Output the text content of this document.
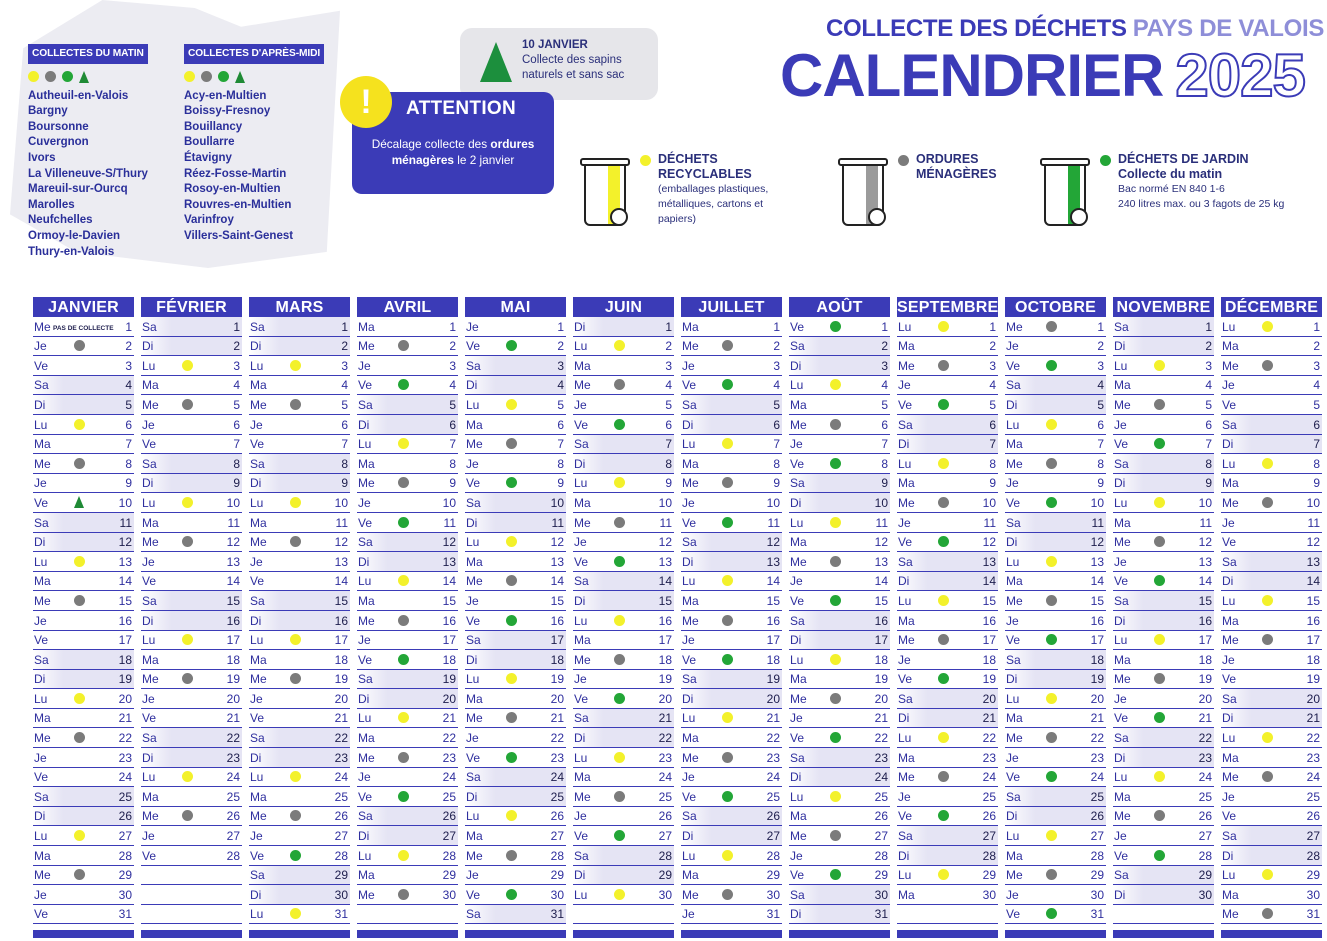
COLLECTES DU MATIN
Autheuil-en-Valois
Bargny
Boursonne
Cuvergnon
Ivors
La Villeneuve-S/Thury
Mareuil-sur-Ourcq
Marolles
Neufchelles
Ormoy-le-Davien
Thury-en-Valois
COLLECTES D'APRÈS-MIDI
Acy-en-Multien
Boissy-Fresnoy
Bouillancy
Boullarre
Étavigny
Réez-Fosse-Martin
Rosoy-en-Multien
Rouvres-en-Multien
Varinfroy
Villers-Saint-Genest
10 JANVIER
Collecte des sapins naturels et sans sac
!	ATTENTION
Décalage collecte des ordures ménagères le 2 janvier
COLLECTE DES DÉCHETS PAYS DE VALOIS
CALENDRIER 2025
DÉCHETS RECYCLABLES
(emballages plastiques, métalliques, cartons et papiers)
ORDURES MÉNAGÈRES
DÉCHETS DE JARDIN
Collecte du matin
Bac normé EN 840 1-6
240 litres max. ou 3 fagots de 25 kg
JANVIER
Me	1
PAS DE COLLECTE
Je	2
Ve	3
Sa	4
Di	5
Lu	6
Ma	7
Me	8
Je	9
Ve	10
Sa	11
Di	12
Lu	13
Ma	14
Me	15
Je	16
Ve	17
Sa	18
Di	19
Lu	20
Ma	21
Me	22
Je	23
Ve	24
Sa	25
Di	26
Lu	27
Ma	28
Me	29
Je	30
Ve	31
FÉVRIER
Sa	1
Di	2
Lu	3
Ma	4
Me	5
Je	6
Ve	7
Sa	8
Di	9
Lu	10
Ma	11
Me	12
Je	13
Ve	14
Sa	15
Di	16
Lu	17
Ma	18
Me	19
Je	20
Ve	21
Sa	22
Di	23
Lu	24
Ma	25
Me	26
Je	27
Ve	28
MARS
Sa	1
Di	2
Lu	3
Ma	4
Me	5
Je	6
Ve	7
Sa	8
Di	9
Lu	10
Ma	11
Me	12
Je	13
Ve	14
Sa	15
Di	16
Lu	17
Ma	18
Me	19
Je	20
Ve	21
Sa	22
Di	23
Lu	24
Ma	25
Me	26
Je	27
Ve	28
Sa	29
Di	30
Lu	31
AVRIL
Ma	1
Me	2
Je	3
Ve	4
Sa	5
Di	6
Lu	7
Ma	8
Me	9
Je	10
Ve	11
Sa	12
Di	13
Lu	14
Ma	15
Me	16
Je	17
Ve	18
Sa	19
Di	20
Lu	21
Ma	22
Me	23
Je	24
Ve	25
Sa	26
Di	27
Lu	28
Ma	29
Me	30
MAI
Je	1
Ve	2
Sa	3
Di	4
Lu	5
Ma	6
Me	7
Je	8
Ve	9
Sa	10
Di	11
Lu	12
Ma	13
Me	14
Je	15
Ve	16
Sa	17
Di	18
Lu	19
Ma	20
Me	21
Je	22
Ve	23
Sa	24
Di	25
Lu	26
Ma	27
Me	28
Je	29
Ve	30
Sa	31
JUIN
Di	1
Lu	2
Ma	3
Me	4
Je	5
Ve	6
Sa	7
Di	8
Lu	9
Ma	10
Me	11
Je	12
Ve	13
Sa	14
Di	15
Lu	16
Ma	17
Me	18
Je	19
Ve	20
Sa	21
Di	22
Lu	23
Ma	24
Me	25
Je	26
Ve	27
Sa	28
Di	29
Lu	30
JUILLET
Ma	1
Me	2
Je	3
Ve	4
Sa	5
Di	6
Lu	7
Ma	8
Me	9
Je	10
Ve	11
Sa	12
Di	13
Lu	14
Ma	15
Me	16
Je	17
Ve	18
Sa	19
Di	20
Lu	21
Ma	22
Me	23
Je	24
Ve	25
Sa	26
Di	27
Lu	28
Ma	29
Me	30
Je	31
AOÛT
Ve	1
Sa	2
Di	3
Lu	4
Ma	5
Me	6
Je	7
Ve	8
Sa	9
Di	10
Lu	11
Ma	12
Me	13
Je	14
Ve	15
Sa	16
Di	17
Lu	18
Ma	19
Me	20
Je	21
Ve	22
Sa	23
Di	24
Lu	25
Ma	26
Me	27
Je	28
Ve	29
Sa	30
Di	31
SEPTEMBRE
Lu	1
Ma	2
Me	3
Je	4
Ve	5
Sa	6
Di	7
Lu	8
Ma	9
Me	10
Je	11
Ve	12
Sa	13
Di	14
Lu	15
Ma	16
Me	17
Je	18
Ve	19
Sa	20
Di	21
Lu	22
Ma	23
Me	24
Je	25
Ve	26
Sa	27
Di	28
Lu	29
Ma	30
OCTOBRE
Me	1
Je	2
Ve	3
Sa	4
Di	5
Lu	6
Ma	7
Me	8
Je	9
Ve	10
Sa	11
Di	12
Lu	13
Ma	14
Me	15
Je	16
Ve	17
Sa	18
Di	19
Lu	20
Ma	21
Me	22
Je	23
Ve	24
Sa	25
Di	26
Lu	27
Ma	28
Me	29
Je	30
Ve	31
NOVEMBRE
Sa	1
Di	2
Lu	3
Ma	4
Me	5
Je	6
Ve	7
Sa	8
Di	9
Lu	10
Ma	11
Me	12
Je	13
Ve	14
Sa	15
Di	16
Lu	17
Ma	18
Me	19
Je	20
Ve	21
Sa	22
Di	23
Lu	24
Ma	25
Me	26
Je	27
Ve	28
Sa	29
Di	30
DÉCEMBRE
Lu	1
Ma	2
Me	3
Je	4
Ve	5
Sa	6
Di	7
Lu	8
Ma	9
Me	10
Je	11
Ve	12
Sa	13
Di	14
Lu	15
Ma	16
Me	17
Je	18
Ve	19
Sa	20
Di	21
Lu	22
Ma	23
Me	24
Je	25
Ve	26
Sa	27
Di	28
Lu	29
Ma	30
Me	31
